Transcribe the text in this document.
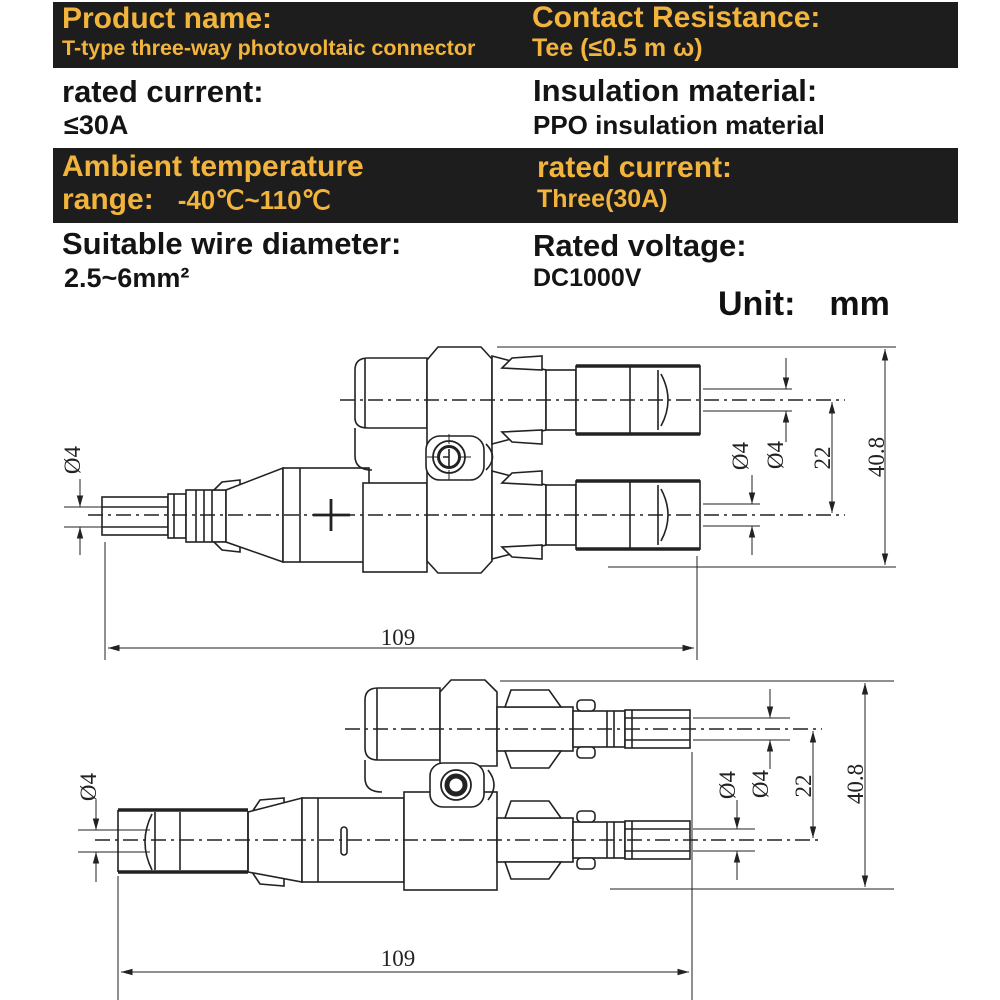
Product name:
T-type three-way photovoltaic connector
Contact Resistance:
Tee (≤0.5 m ω)
rated current:
≤30A
Insulation material:
PPO insulation material
Ambient temperature
range: -40℃~110℃
rated current:
Three(30A)
Suitable wire diameter:
2.5~6mm²
Rated voltage:
DC1000V
Unit: mm
Ø4	Ø4 Ø4 22 40.8
109
Ø4	Ø4 Ø4 22 40.8
109
